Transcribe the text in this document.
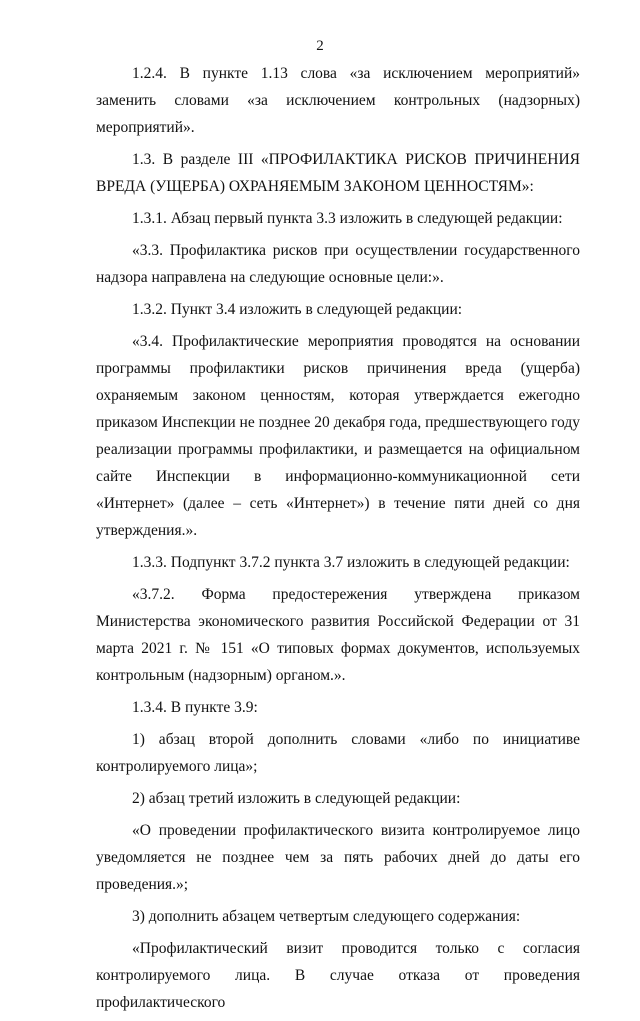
2

1.2.4. В пункте 1.13 слова «за исключением мероприятий» заменить словами «за исключением контрольных (надзорных) мероприятий».

1.3. В разделе III «ПРОФИЛАКТИКА РИСКОВ ПРИЧИНЕНИЯ ВРЕДА (УЩЕРБА) ОХРАНЯЕМЫМ ЗАКОНОМ ЦЕННОСТЯМ»:

1.3.1. Абзац первый пункта 3.3 изложить в следующей редакции:

«3.3. Профилактика рисков при осуществлении государственного надзора направлена на следующие основные цели:».

1.3.2. Пункт 3.4 изложить в следующей редакции:

«3.4. Профилактические мероприятия проводятся на основании программы профилактики рисков причинения вреда (ущерба) охраняемым законом ценностям, которая утверждается ежегодно приказом Инспекции не позднее 20 декабря года, предшествующего году реализации программы профилактики, и размещается на официальном сайте Инспекции в информационно-коммуникационной сети «Интернет» (далее – сеть «Интернет») в течение пяти дней со дня утверждения.».

1.3.3. Подпункт 3.7.2 пункта 3.7 изложить в следующей редакции:

«3.7.2. Форма предостережения утверждена приказом Министерства экономического развития Российской Федерации от 31 марта 2021 г. № 151 «О типовых формах документов, используемых контрольным (надзорным) органом.».

1.3.4. В пункте 3.9:

1) абзац второй дополнить словами «либо по инициативе контролируемого лица»;

2) абзац третий изложить в следующей редакции:

«О проведении профилактического визита контролируемое лицо уведомляется не позднее чем за пять рабочих дней до даты его проведения.»;

3) дополнить абзацем четвертым следующего содержания:

«Профилактический визит проводится только с согласия контролируемого лица. В случае отказа от проведения профилактического
